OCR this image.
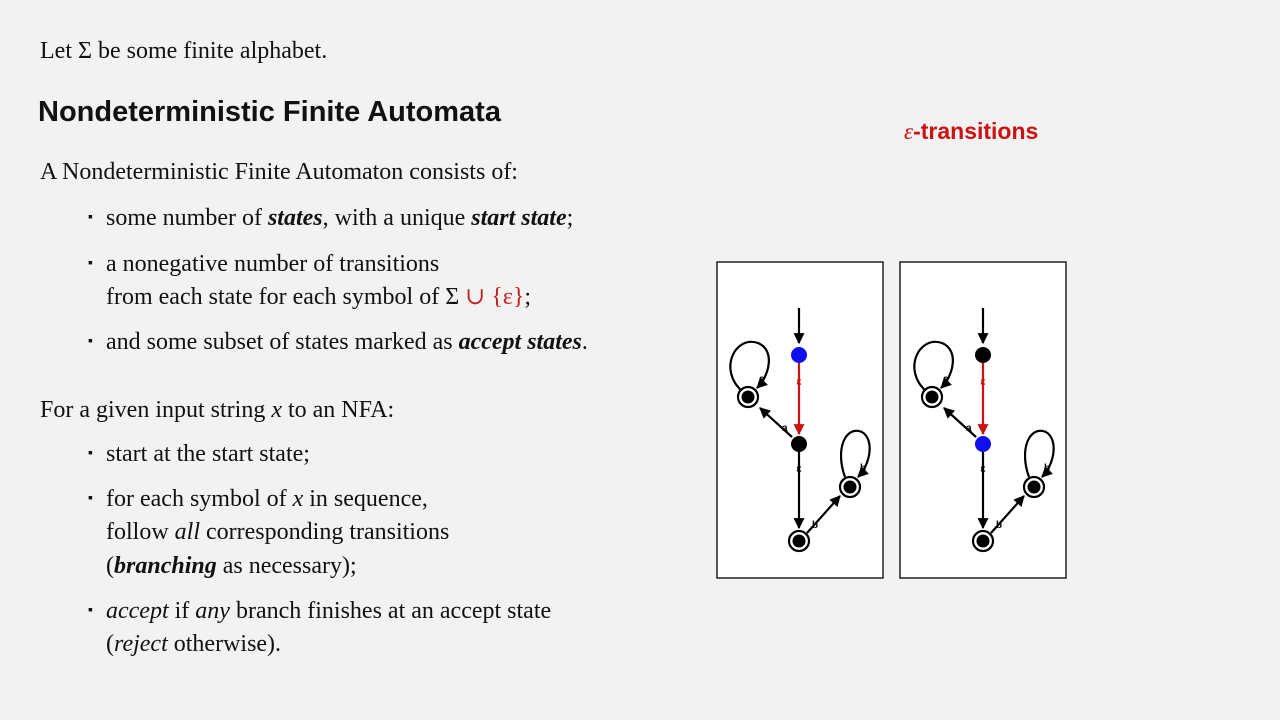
Let Σ be some finite alphabet.
Nondeterministic Finite Automata
A Nondeterministic Finite Automaton consists of:
▪ some number of states, with a unique start state;
▪ a nonegative number of transitions
from each state for each symbol of Σ ∪ {ε};
▪ and some subset of states marked as accept states.
For a given input string x to an NFA:
▪ start at the start state;
▪ for each symbol of x in sequence,
follow all corresponding transitions
(branching as necessary);
▪ accept if any branch finishes at an accept state
(reject otherwise).
ε-transitions
ε
a
a
ε
b
b
ε
a
a
ε
b
b
